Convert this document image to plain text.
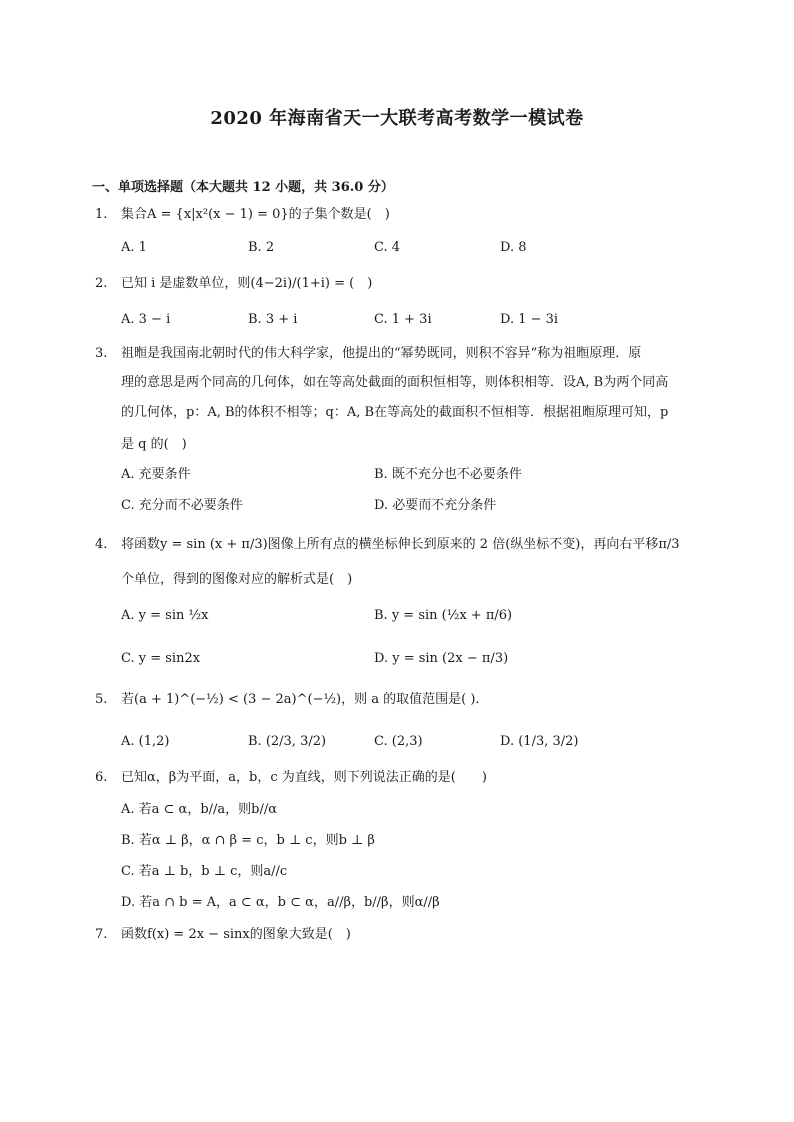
2020 年海南省天一大联考高考数学一模试卷
一、单项选择题（本大题共 12 小题，共 36.0 分）
1. 集合A = {x|x²(x − 1) = 0}的子集个数是(　)
A. 1	B. 2	C. 4	D. 8
2. 已知 i 是虚数单位，则(4−2i)/(1+i) = (　)
A. 3 − i	B. 3 + i	C. 1 + 3i	D. 1 − 3i
3.	祖暅是我国南北朝时代的伟大科学家，他提出的“幂势既同，则积不容异”称为祖暅原理．原
理的意思是两个同高的几何体，如在等高处截面的面积恒相等，则体积相等．设A, B为两个同高
的几何体，p：A, B的体积不相等；q：A, B在等高处的截面积不恒相等．根据祖暅原理可知，p
是 q 的(　)
A. 充要条件	B. 既不充分也不必要条件
C. 充分而不必要条件	D. 必要而不充分条件
4.	将函数y = sin (x + π/3)图像上所有点的横坐标伸长到原来的 2 倍(纵坐标不变)，再向右平移π/3
个单位，得到的图像对应的解析式是(　)
A. y = sin ½x	B. y = sin (½x + π/6)
C. y = sin2x	D. y = sin (2x − π/3)
5. 若(a + 1)^(−½) < (3 − 2a)^(−½)，则 a 的取值范围是( )．
A. (1,2)	B. (2/3, 3/2)	C. (2,3)	D. (1/3, 3/2)
6. 已知α，β为平面，a，b，c 为直线，则下列说法正确的是(　　)
A. 若a ⊂ α，b//a，则b//α
B. 若α ⊥ β，α ∩ β = c，b ⊥ c，则b ⊥ β
C. 若a ⊥ b，b ⊥ c，则a//c
D. 若a ∩ b = A，a ⊂ α，b ⊂ α，a//β，b//β，则α//β
7. 函数f(x) = 2x − sinx的图象大致是(　)
